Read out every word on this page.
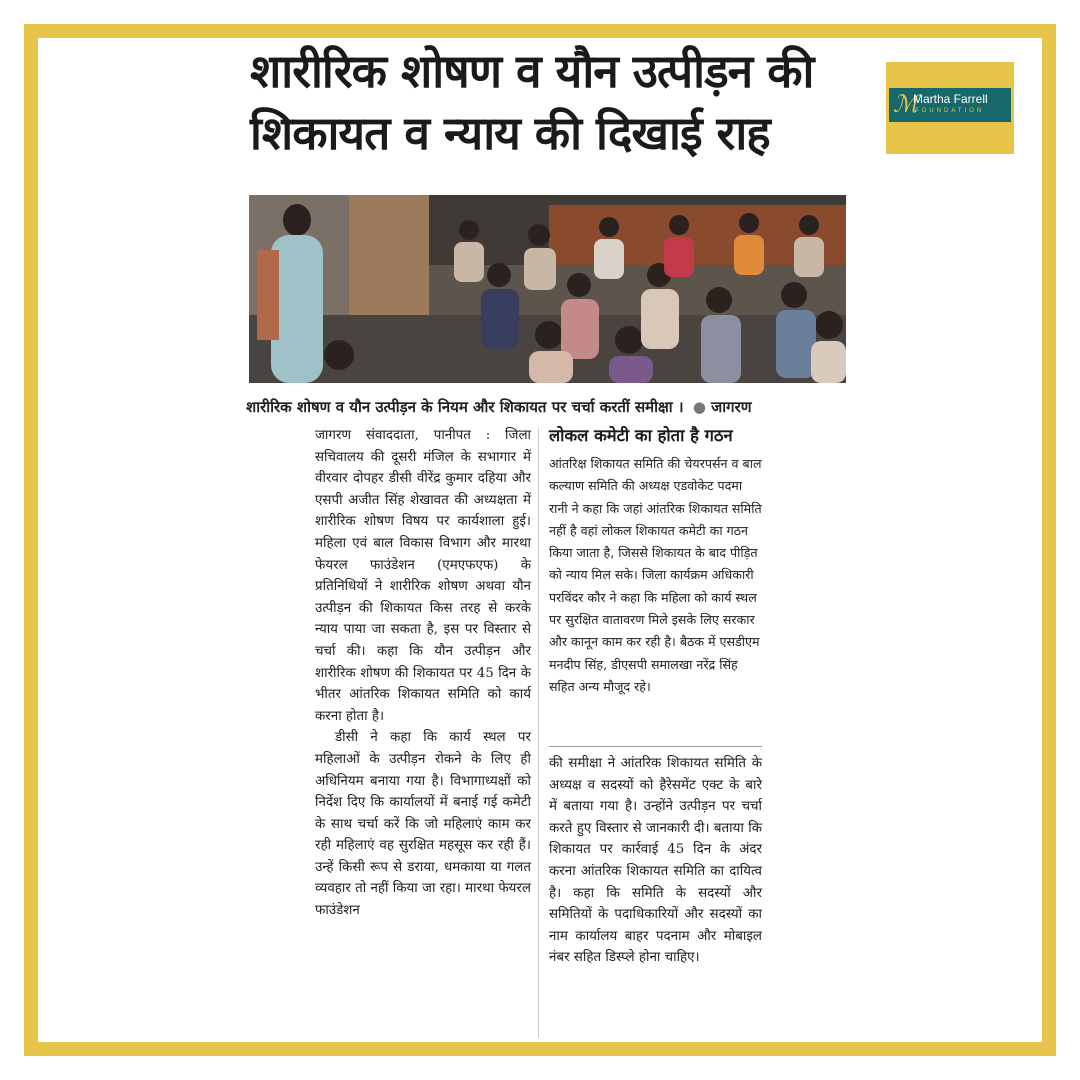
ℳ
Martha Farrell
FOUNDATION
शारीरिक शोषण व यौन उत्पीड़न की
शिकायत व न्याय की दिखाई राह
शारीरिक शोषण व यौन उत्पीड़न के नियम और शिकायत पर चर्चा करतीं समीक्षा । ● जागरण

जागरण संवाददाता, पानीपत : जिला सचिवालय की दूसरी मंजिल के सभागार में वीरवार दोपहर डीसी वीरेंद्र कुमार दहिया और एसपी अजीत सिंह शेखावत की अध्यक्षता में शारीरिक शोषण विषय पर कार्यशाला हुई। महिला एवं बाल विकास विभाग और मारथा फेयरल फाउंडेशन (एमएफएफ) के प्रतिनिधियों ने शारीरिक शोषण अथवा यौन उत्पीड़न की शिकायत किस तरह से करके न्याय पाया जा सकता है, इस पर विस्तार से चर्चा की। कहा कि यौन उत्पीड़न और शारीरिक शोषण की शिकायत पर 45 दिन के भीतर आंतरिक शिकायत समिति को कार्य करना होता है।

डीसी ने कहा कि कार्य स्थल पर महिलाओं के उत्पीड़न रोकने के लिए ही अधिनियम बनाया गया है। विभागाध्यक्षों को निर्देश दिए कि कार्यालयों में बनाई गई कमेटी के साथ चर्चा करें कि जो महिलाएं काम कर रही महिलाएं वह सुरक्षित महसूस कर रही हैं। उन्हें किसी रूप से डराया, धमकाया या गलत व्यवहार तो नहीं किया जा रहा। मारथा फेयरल फाउंडेशन

लोकल कमेटी का होता है गठन

आंतरिक्ष शिकायत समिति की चेयरपर्सन व बाल कल्याण समिति की अध्यक्ष एडवोकेट पदमा रानी ने कहा कि जहां आंतरिक शिकायत समिति नहीं है वहां लोकल शिकायत कमेटी का गठन किया जाता है, जिससे शिकायत के बाद पीड़ित को न्याय मिल सके। जिला कार्यक्रम अधिकारी परविंदर कौर ने कहा कि महिला को कार्य स्थल पर सुरक्षित वातावरण मिले इसके लिए सरकार और कानून काम कर रही है। बैठक में एसडीएम मनदीप सिंह, डीएसपी समालखा नरेंद्र सिंह सहित अन्य मौजूद रहे।

की समीक्षा ने आंतरिक शिकायत समिति के अध्यक्ष व सदस्यों को हैरेसमेंट एक्ट के बारे में बताया गया है। उन्होंने उत्पीड़न पर चर्चा करते हुए विस्तार से जानकारी दी। बताया कि शिकायत पर कार्रवाई 45 दिन के अंदर करना आंतरिक शिकायत समिति का दायित्व है। कहा कि समिति के सदस्यों और समितियों के पदाधिकारियों और सदस्यों का नाम कार्यालय बाहर पदनाम और मोबाइल नंबर सहित डिस्प्ले होना चाहिए।
